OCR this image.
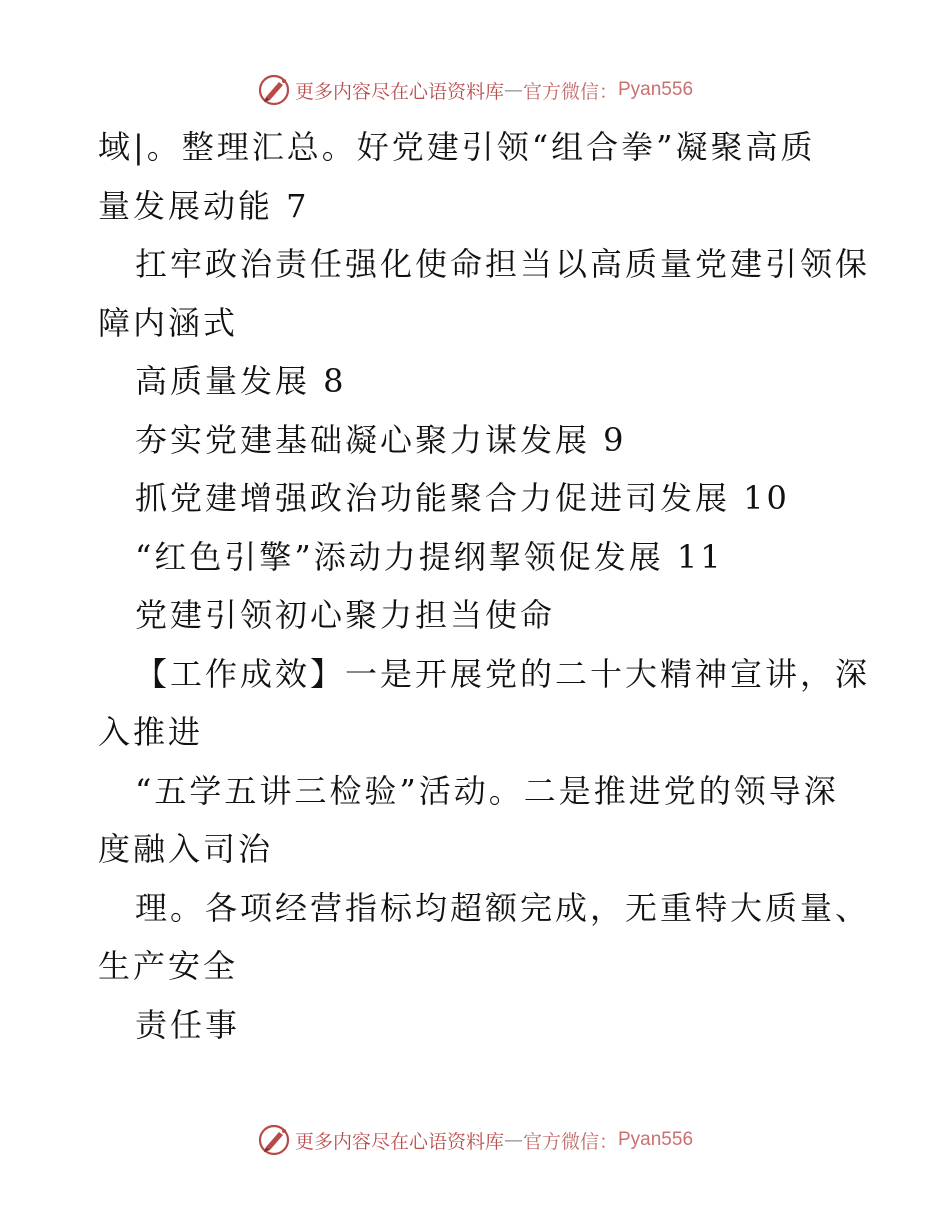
更多内容尽在心语资料库 — 官方微信： Pyan556
域|。整理汇总。好党建引领“组合拳”凝聚高质
量发展动能 7
扛牢政治责任强化使命担当以高质量党建引领保
障内涵式
高质量发展 8
夯实党建基础凝心聚力谋发展 9
抓党建增强政治功能聚合力促进司发展 10
“红色引擎”添动力提纲挈领促发展 11
党建引领初心聚力担当使命
【工作成效】一是开展党的二十大精神宣讲，深
入推进
“五学五讲三检验”活动。二是推进党的领导深
度融入司治
理。各项经营指标均超额完成，无重特大质量、
生产安全
责任事
更多内容尽在心语资料库 — 官方微信： Pyan556
